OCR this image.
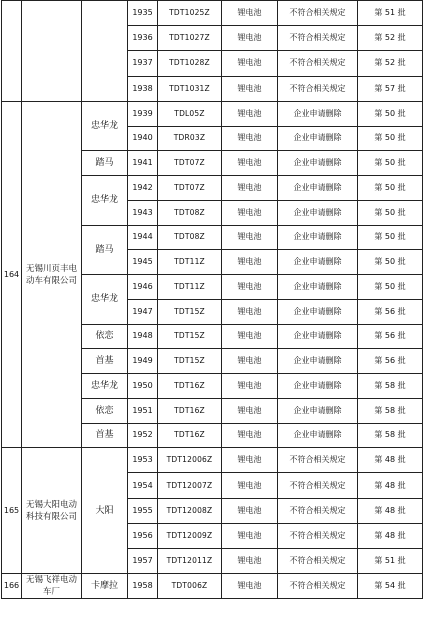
			1935	TDT1025Z	锂电池	不符合相关规定	第 51 批
			1936	TDT1027Z	锂电池	不符合相关规定	第 52 批
			1937	TDT1028Z	锂电池	不符合相关规定	第 52 批
			1938	TDT1031Z	锂电池	不符合相关规定	第 57 批
164	无锡川页丰电动车有限公司	忠华龙	1939	TDL05Z	锂电池	企业申请删除	第 50 批
			1940	TDR03Z	锂电池	企业申请删除	第 50 批
		踏马	1941	TDT07Z	锂电池	企业申请删除	第 50 批
		忠华龙	1942	TDT07Z	锂电池	企业申请删除	第 50 批
			1943	TDT08Z	锂电池	企业申请删除	第 50 批
		踏马	1944	TDT08Z	锂电池	企业申请删除	第 50 批
			1945	TDT11Z	锂电池	企业申请删除	第 50 批
		忠华龙	1946	TDT11Z	锂电池	企业申请删除	第 50 批
			1947	TDT15Z	锂电池	企业申请删除	第 56 批
		依恋	1948	TDT15Z	锂电池	企业申请删除	第 56 批
		首基	1949	TDT15Z	锂电池	企业申请删除	第 56 批
		忠华龙	1950	TDT16Z	锂电池	企业申请删除	第 58 批
		依恋	1951	TDT16Z	锂电池	企业申请删除	第 58 批
		首基	1952	TDT16Z	锂电池	企业申请删除	第 58 批
165	无锡大阳电动科技有限公司	大阳	1953	TDT12006Z	锂电池	不符合相关规定	第 48 批
			1954	TDT12007Z	锂电池	不符合相关规定	第 48 批
			1955	TDT12008Z	锂电池	不符合相关规定	第 48 批
			1956	TDT12009Z	锂电池	不符合相关规定	第 48 批
			1957	TDT12011Z	锂电池	不符合相关规定	第 51 批
166	无锡飞祥电动车厂	卡摩拉	1958	TDT006Z	锂电池	不符合相关规定	第 54 批
